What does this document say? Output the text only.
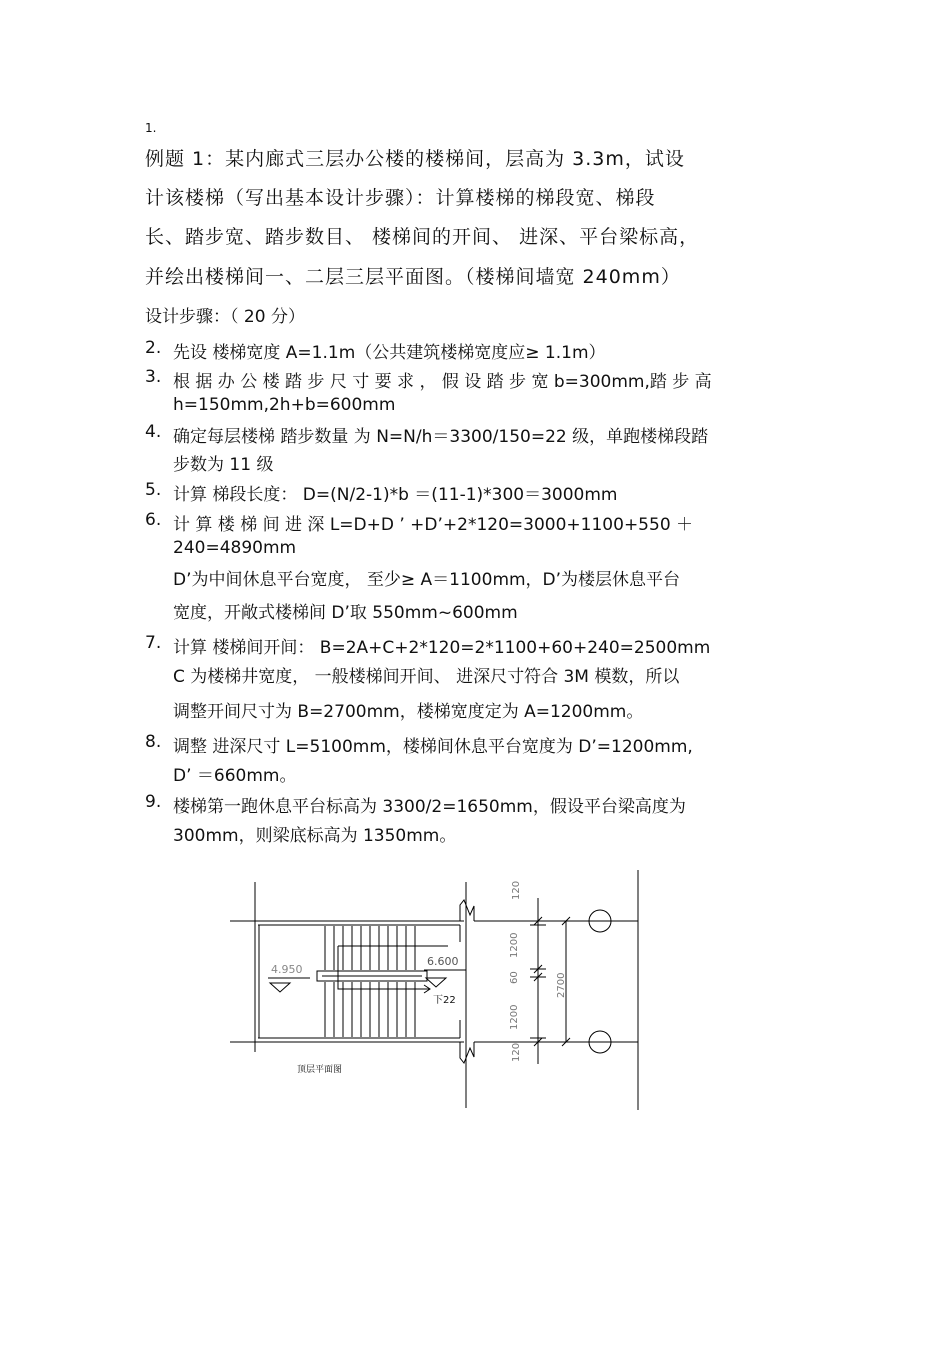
1.
例题 1：某内廊式三层办公楼的楼梯间，层高为 3.3m，试设
计该楼梯（写出基本设计步骤）：计算楼梯的梯段宽、梯段
长、踏步宽、踏步数目、 楼梯间的开间、 进深、平台梁标高，
并绘出楼梯间一、二层三层平面图。（楼梯间墙宽 240mm）
设计步骤：（ 20 分）
2. 先设 楼梯宽度 A=1.1m（公共建筑楼梯宽度应≥ 1.1m）
3. 根 据 办 公 楼 踏 步 尺 寸 要 求 ， 假 设 踏 步 宽 b=300mm,踏 步 高
h=150mm,2h+b=600mm
4. 确定每层楼梯 踏步数量 为 N=N/h＝3300/150=22 级，单跑楼梯段踏
步数为 11 级
5. 计算 梯段长度： D=(N/2-1)*b ＝(11-1)*300＝3000mm
6. 计 算 楼 梯 间 进 深 L=D+D ’ +D’+2*120=3000+1100+550 ＋
240=4890mm
D’为中间休息平台宽度， 至少≥ A＝1100mm，D’为楼层休息平台
宽度，开敞式楼梯间 D’取 550mm~600mm
7. 计算 楼梯间开间： B=2A+C+2*120=2*1100+60+240=2500mm
C 为楼梯井宽度， 一般楼梯间开间、 进深尺寸符合 3M 模数，所以
调整开间尺寸为 B=2700mm，楼梯宽度定为 A=1200mm。
8. 调整 进深尺寸 L=5100mm，楼梯间休息平台宽度为 D’=1200mm,
D’ ＝660mm。
9. 楼梯第一跑休息平台标高为 3300/2=1650mm，假设平台梁高度为
300mm，则梁底标高为 1350mm。
4.950
6.600
下22
120
1200
60
1200
120
2700
顶层平面图
